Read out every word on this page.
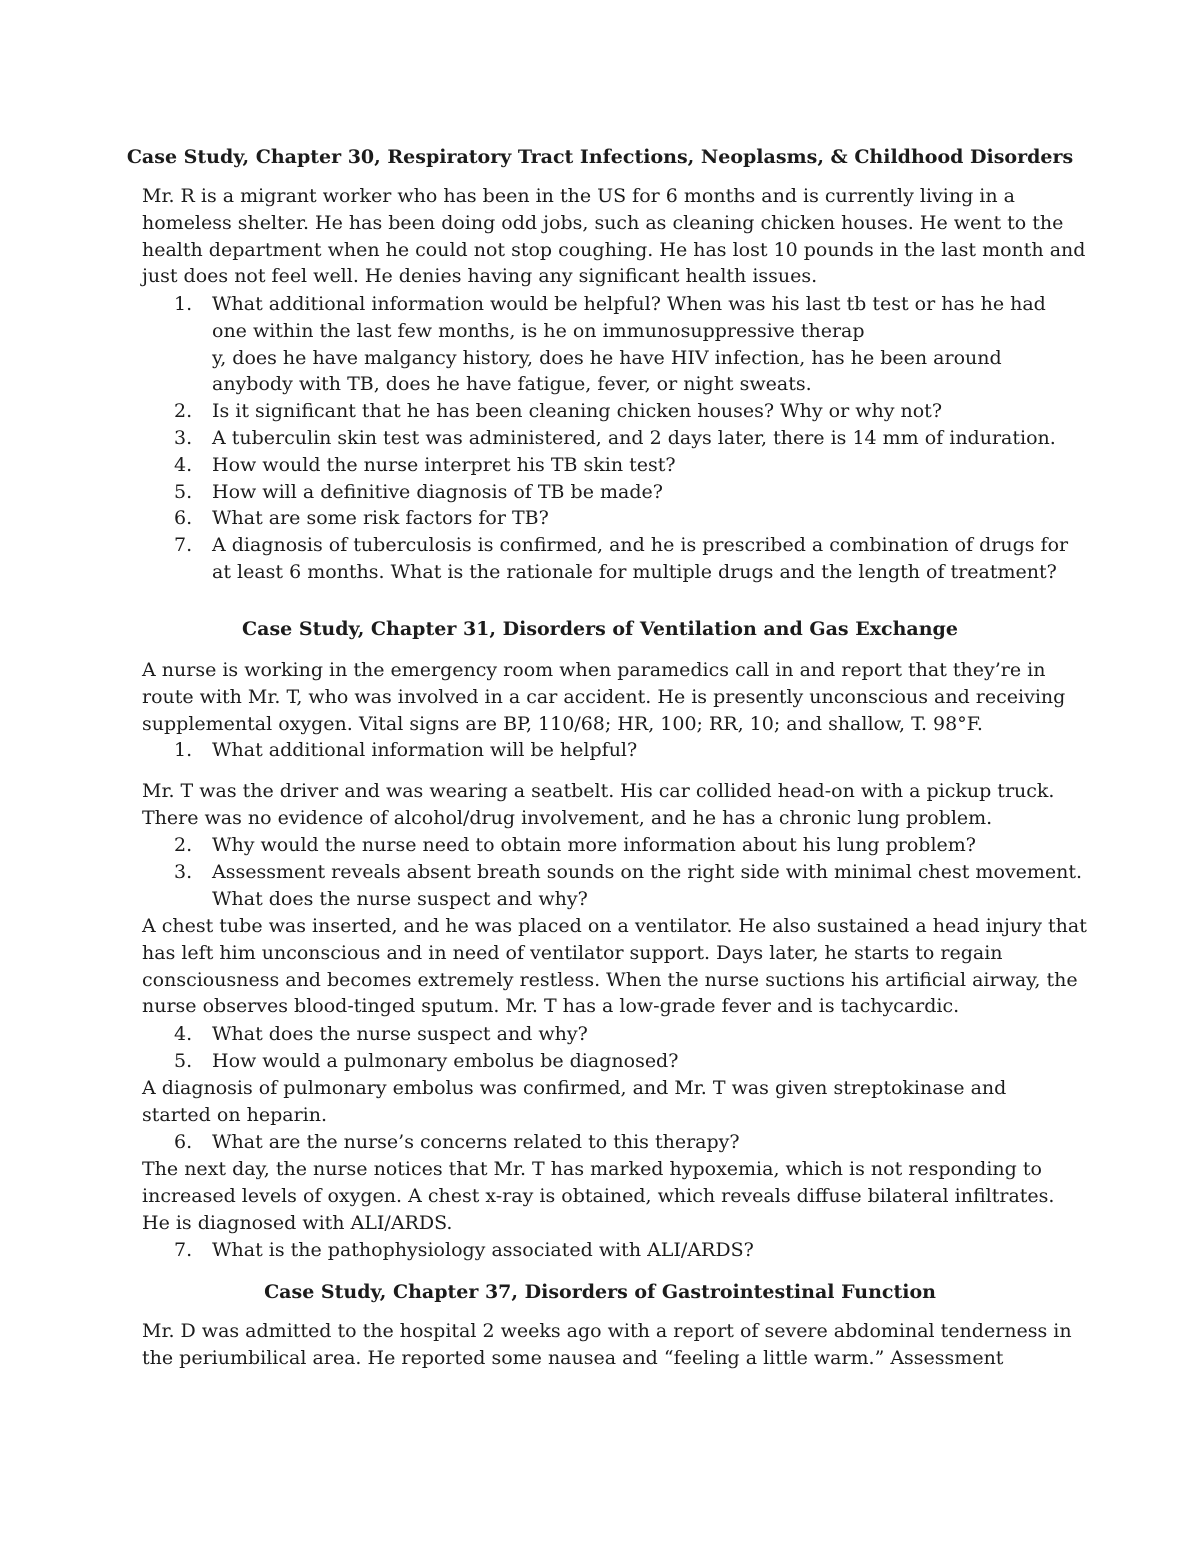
Case Study, Chapter 30, Respiratory Tract Infections, Neoplasms, & Childhood Disorders

Mr. R is a migrant worker who has been in the US for 6 months and is currently living in a

homeless shelter. He has been doing odd jobs, such as cleaning chicken houses. He went to the

health department when he could not stop coughing. He has lost 10 pounds in the last month and

just does not feel well. He denies having any significant health issues.

1. What additional information would be helpful? When was his last tb test or has he had
one within the last few months, is he on immunosuppressive therap
y, does he have malgancy history, does he have HIV infection, has he been around
anybody with TB, does he have fatigue, fever, or night sweats.
2. Is it significant that he has been cleaning chicken houses? Why or why not?
3. A tuberculin skin test was administered, and 2 days later, there is 14 mm of induration.
4. How would the nurse interpret his TB skin test?
5. How will a definitive diagnosis of TB be made?
6. What are some risk factors for TB?
7. A diagnosis of tuberculosis is confirmed, and he is prescribed a combination of drugs for
at least 6 months. What is the rationale for multiple drugs and the length of treatment?
Case Study, Chapter 31, Disorders of Ventilation and Gas Exchange

A nurse is working in the emergency room when paramedics call in and report that they’re in

route with Mr. T, who was involved in a car accident. He is presently unconscious and receiving

supplemental oxygen. Vital signs are BP, 110/68; HR, 100; RR, 10; and shallow, T. 98°F.

1. What additional information will be helpful?

Mr. T was the driver and was wearing a seatbelt. His car collided head-on with a pickup truck.

There was no evidence of alcohol/drug involvement, and he has a chronic lung problem.

2. Why would the nurse need to obtain more information about his lung problem?
3. Assessment reveals absent breath sounds on the right side with minimal chest movement.
What does the nurse suspect and why?

A chest tube was inserted, and he was placed on a ventilator. He also sustained a head injury that

has left him unconscious and in need of ventilator support. Days later, he starts to regain

consciousness and becomes extremely restless. When the nurse suctions his artificial airway, the

nurse observes blood-tinged sputum. Mr. T has a low-grade fever and is tachycardic.

4. What does the nurse suspect and why?
5. How would a pulmonary embolus be diagnosed?

A diagnosis of pulmonary embolus was confirmed, and Mr. T was given streptokinase and

started on heparin.

6. What are the nurse’s concerns related to this therapy?

The next day, the nurse notices that Mr. T has marked hypoxemia, which is not responding to

increased levels of oxygen. A chest x-ray is obtained, which reveals diffuse bilateral infiltrates.

He is diagnosed with ALI/ARDS.

7. What is the pathophysiology associated with ALI/ARDS?
Case Study, Chapter 37, Disorders of Gastrointestinal Function

Mr. D was admitted to the hospital 2 weeks ago with a report of severe abdominal tenderness in

the periumbilical area. He reported some nausea and “feeling a little warm.” Assessment
